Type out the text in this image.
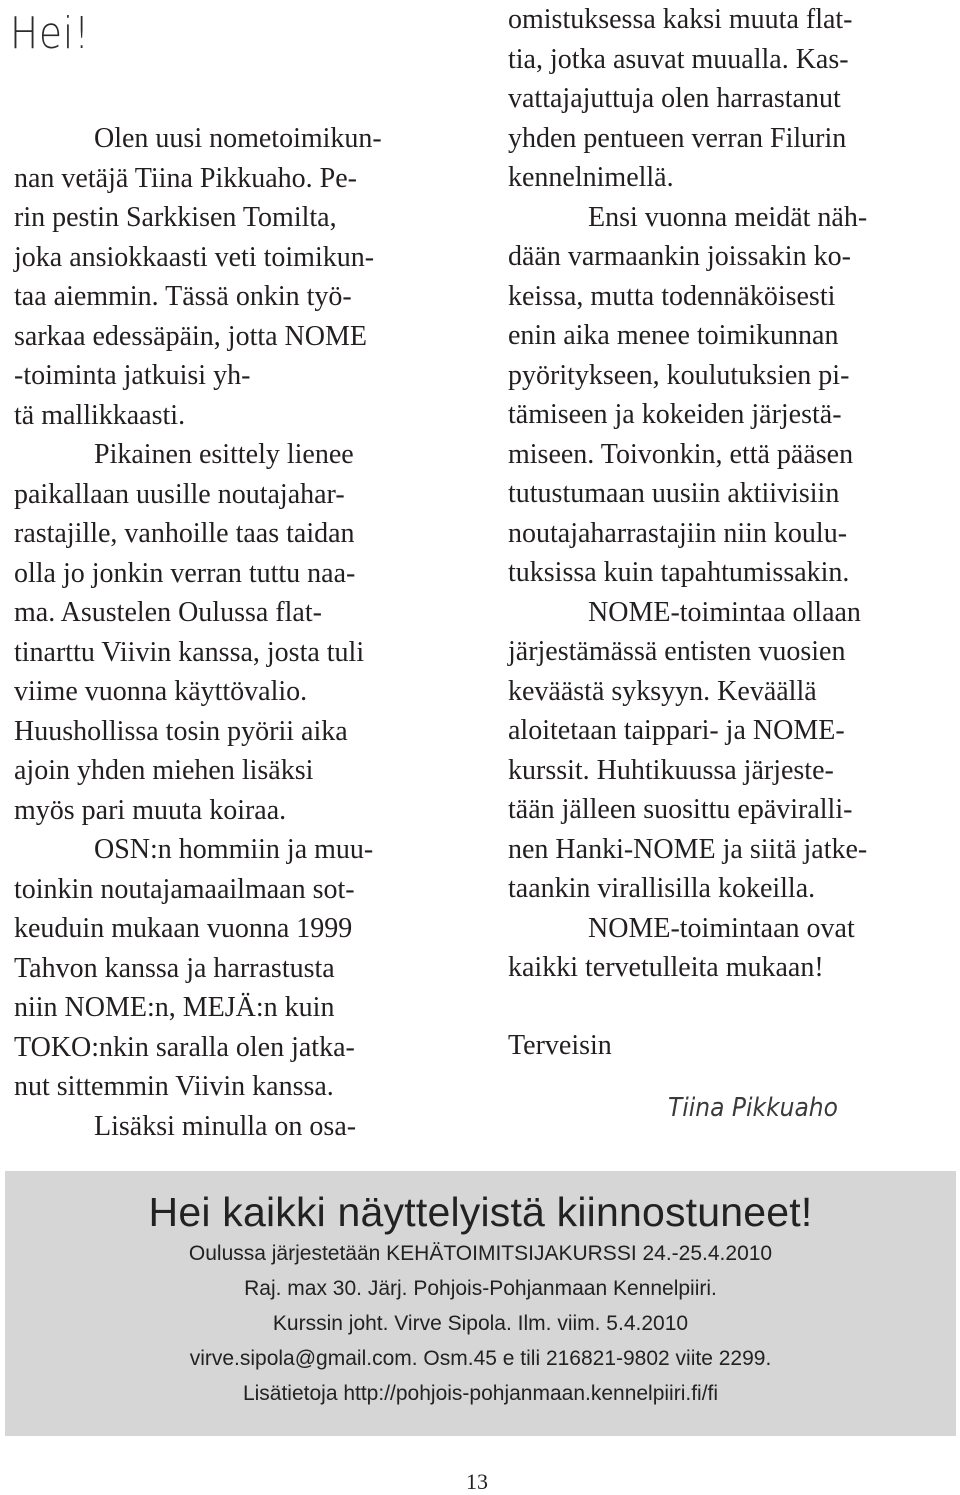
Hei!

Olen uusi nometoimikun-

nan vetäjä Tiina Pikkuaho. Pe-

rin pestin Sarkkisen Tomilta,

joka ansiokkaasti veti toimikun-

taa aiemmin. Tässä onkin työ-

sarkaa edessäpäin, jotta NOME

-toiminta jatkuisi yh-

tä mallikkaasti.

Pikainen esittely lienee

paikallaan uusille noutajahar-

rastajille, vanhoille taas taidan

olla jo jonkin verran tuttu naa-

ma. Asustelen Oulussa flat-

tinarttu Viivin kanssa, josta tuli

viime vuonna käyttövalio.

Huushollissa tosin pyörii aika

ajoin yhden miehen lisäksi

myös pari muuta koiraa.

OSN:n hommiin ja muu-

toinkin noutajamaailmaan sot-

keuduin mukaan vuonna 1999

Tahvon kanssa ja harrastusta

niin NOME:n, MEJÄ:n kuin

TOKO:nkin saralla olen jatka-

nut sittemmin Viivin kanssa.

Lisäksi minulla on osa-

omistuksessa kaksi muuta flat-

tia, jotka asuvat muualla. Kas-

vattajajuttuja olen harrastanut

yhden pentueen verran Filurin

kennelnimellä.

Ensi vuonna meidät näh-

dään varmaankin joissakin ko-

keissa, mutta todennäköisesti

enin aika menee toimikunnan

pyöritykseen, koulutuksien pi-

tämiseen ja kokeiden järjestä-

miseen. Toivonkin, että pääsen

tutustumaan uusiin aktiivisiin

noutajaharrastajiin niin koulu-

tuksissa kuin tapahtumissakin.

NOME-toimintaa ollaan

järjestämässä entisten vuosien

keväästä syksyyn. Keväällä

aloitetaan taippari- ja NOME-

kurssit. Huhtikuussa järjeste-

tään jälleen suosittu epäviralli-

nen Hanki-NOME ja siitä jatke-

taankin virallisilla kokeilla.

NOME-toimintaan ovat

kaikki tervetulleita mukaan!

Terveisin

Tiina Pikkuaho

Hei kaikki näyttelyistä kiinnostuneet!

Oulussa järjestetään KEHÄTOIMITSIJAKURSSI 24.-25.4.2010

Raj. max 30. Järj. Pohjois-Pohjanmaan Kennelpiiri.

Kurssin joht. Virve Sipola. Ilm. viim. 5.4.2010

virve.sipola@gmail.com. Osm.45 e tili 216821-9802 viite 2299.

Lisätietoja http://pohjois-pohjanmaan.kennelpiiri.fi/fi

13
